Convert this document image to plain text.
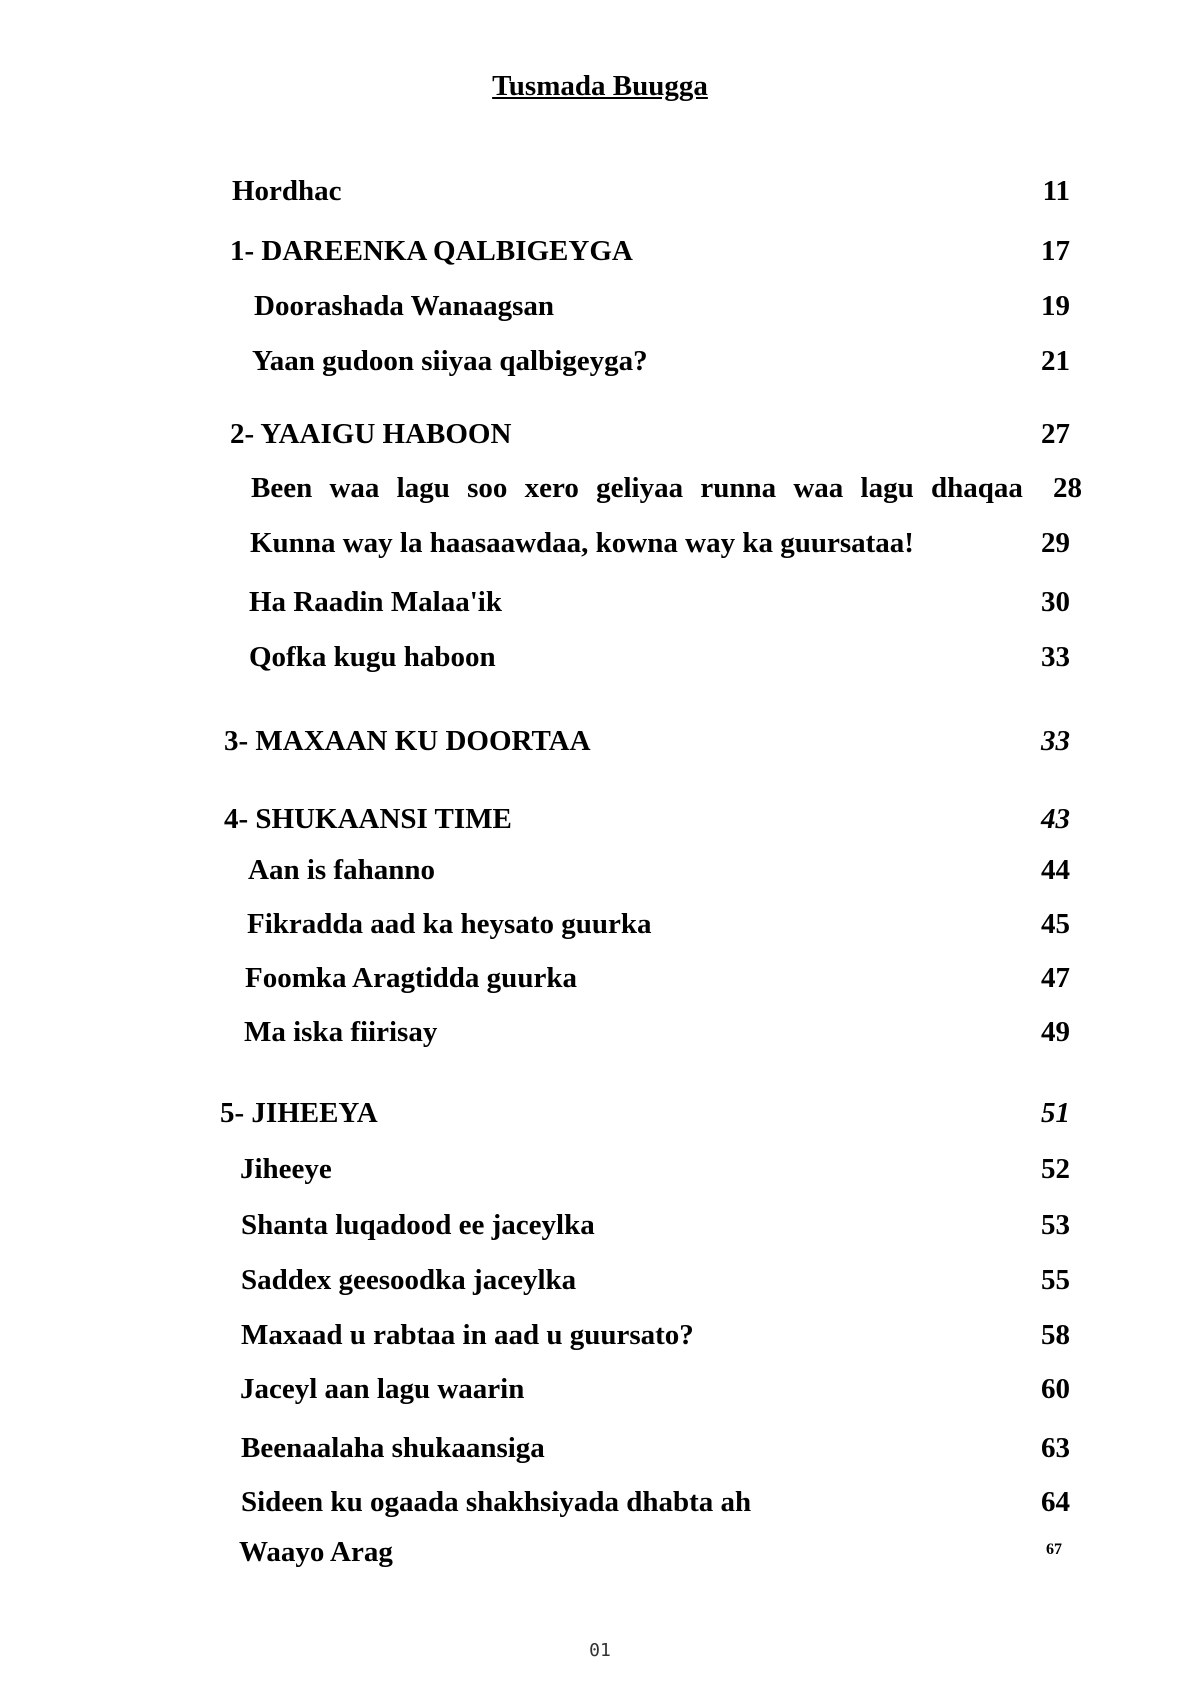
Tusmada Buugga
Hordhac	11
1- DAREENKA QALBIGEYGA	17
Doorashada Wanaagsan	19
Yaan gudoon siiyaa qalbigeyga?	21
2- YAAIGU HABOON	27
Been waa lagu soo xero geliyaa runna waa lagu dhaqaa 28
Kunna way la haasaawdaa, kowna way ka guursataa!	29
Ha Raadin Malaa'ik	30
Qofka kugu haboon	33
3- MAXAAN KU DOORTAA	33
4- SHUKAANSI TIME	43
Aan is fahanno	44
Fikradda aad ka heysato guurka	45
Foomka Aragtidda guurka	47
Ma iska fiirisay	49
5- JIHEEYA	51
Jiheeye	52
Shanta luqadood ee jaceylka	53
Saddex geesoodka jaceylka	55
Maxaad u rabtaa in aad u guursato?	58
Jaceyl aan lagu waarin	60
Beenaalaha shukaansiga	63
Sideen ku ogaada shakhsiyada dhabta ah	64
Waayo Arag	67
01
